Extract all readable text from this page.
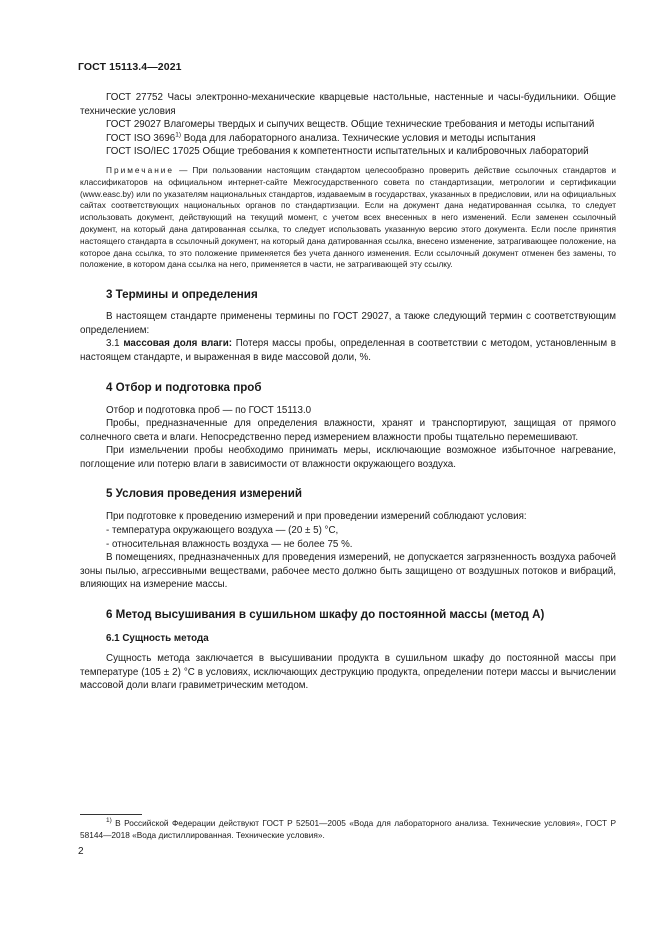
ГОСТ 15113.4—2021

ГОСТ 27752 Часы электронно-механические кварцевые настольные, настенные и часы-будильники. Общие технические условия

ГОСТ 29027 Влагомеры твердых и сыпучих веществ. Общие технические требования и методы испытаний

ГОСТ ISO 3696$^{1)}$ Вода для лабораторного анализа. Технические условия и методы испытания

ГОСТ ISO/IEC 17025 Общие требования к компетентности испытательных и калибровочных лабораторий

Примечание — При пользовании настоящим стандартом целесообразно проверить действие ссылочных стандартов и классификаторов на официальном интернет-сайте Межгосударственного совета по стандартизации, метрологии и сертификации (www.easc.by) или по указателям национальных стандартов, издаваемым в государствах, указанных в предисловии, или на официальных сайтах соответствующих национальных органов по стандартизации. Если на документ дана недатированная ссылка, то следует использовать документ, действующий на текущий момент, с учетом всех внесенных в него изменений. Если заменен ссылочный документ, на который дана датированная ссылка, то следует использовать указанную версию этого документа. Если после принятия настоящего стандарта в ссылочный документ, на который дана датированная ссылка, внесено изменение, затрагивающее положение, на которое дана ссылка, то это положение применяется без учета данного изменения. Если ссылочный документ отменен без замены, то положение, в котором дана ссылка на него, применяется в части, не затрагивающей эту ссылку.

3 Термины и определения

В настоящем стандарте применены термины по ГОСТ 29027, а также следующий термин с соответствующим определением:

3.1 массовая доля влаги: Потеря массы пробы, определенная в соответствии с методом, установленным в настоящем стандарте, и выраженная в виде массовой доли, %.

4 Отбор и подготовка проб

Отбор и подготовка проб — по ГОСТ 15113.0

Пробы, предназначенные для определения влажности, хранят и транспортируют, защищая от прямого солнечного света и влаги. Непосредственно перед измерением влажности пробы тщательно перемешивают.

При измельчении пробы необходимо принимать меры, исключающие возможное избыточное нагревание, поглощение или потерю влаги в зависимости от влажности окружающего воздуха.

5 Условия проведения измерений

При подготовке к проведению измерений и при проведении измерений соблюдают условия:

- температура окружающего воздуха — (20 ± 5) °С,

- относительная влажность воздуха — не более 75 %.

В помещениях, предназначенных для проведения измерений, не допускается загрязненность воздуха рабочей зоны пылью, агрессивными веществами, рабочее место должно быть защищено от воздушных потоков и вибраций, влияющих на измерение массы.

6 Метод высушивания в сушильном шкафу до постоянной массы (метод А)
6.1 Сущность метода

Сущность метода заключается в высушивании продукта в сушильном шкафу до постоянной массы при температуре (105 ± 2) °С в условиях, исключающих деструкцию продукта, определении потери массы и вычислении массовой доли влаги гравиметрическим методом.

$^{1)}$ В Российской Федерации действуют ГОСТ Р 52501—2005 «Вода для лабораторного анализа. Технические условия», ГОСТ Р 58144—2018 «Вода дистиллированная. Технические условия».

2
